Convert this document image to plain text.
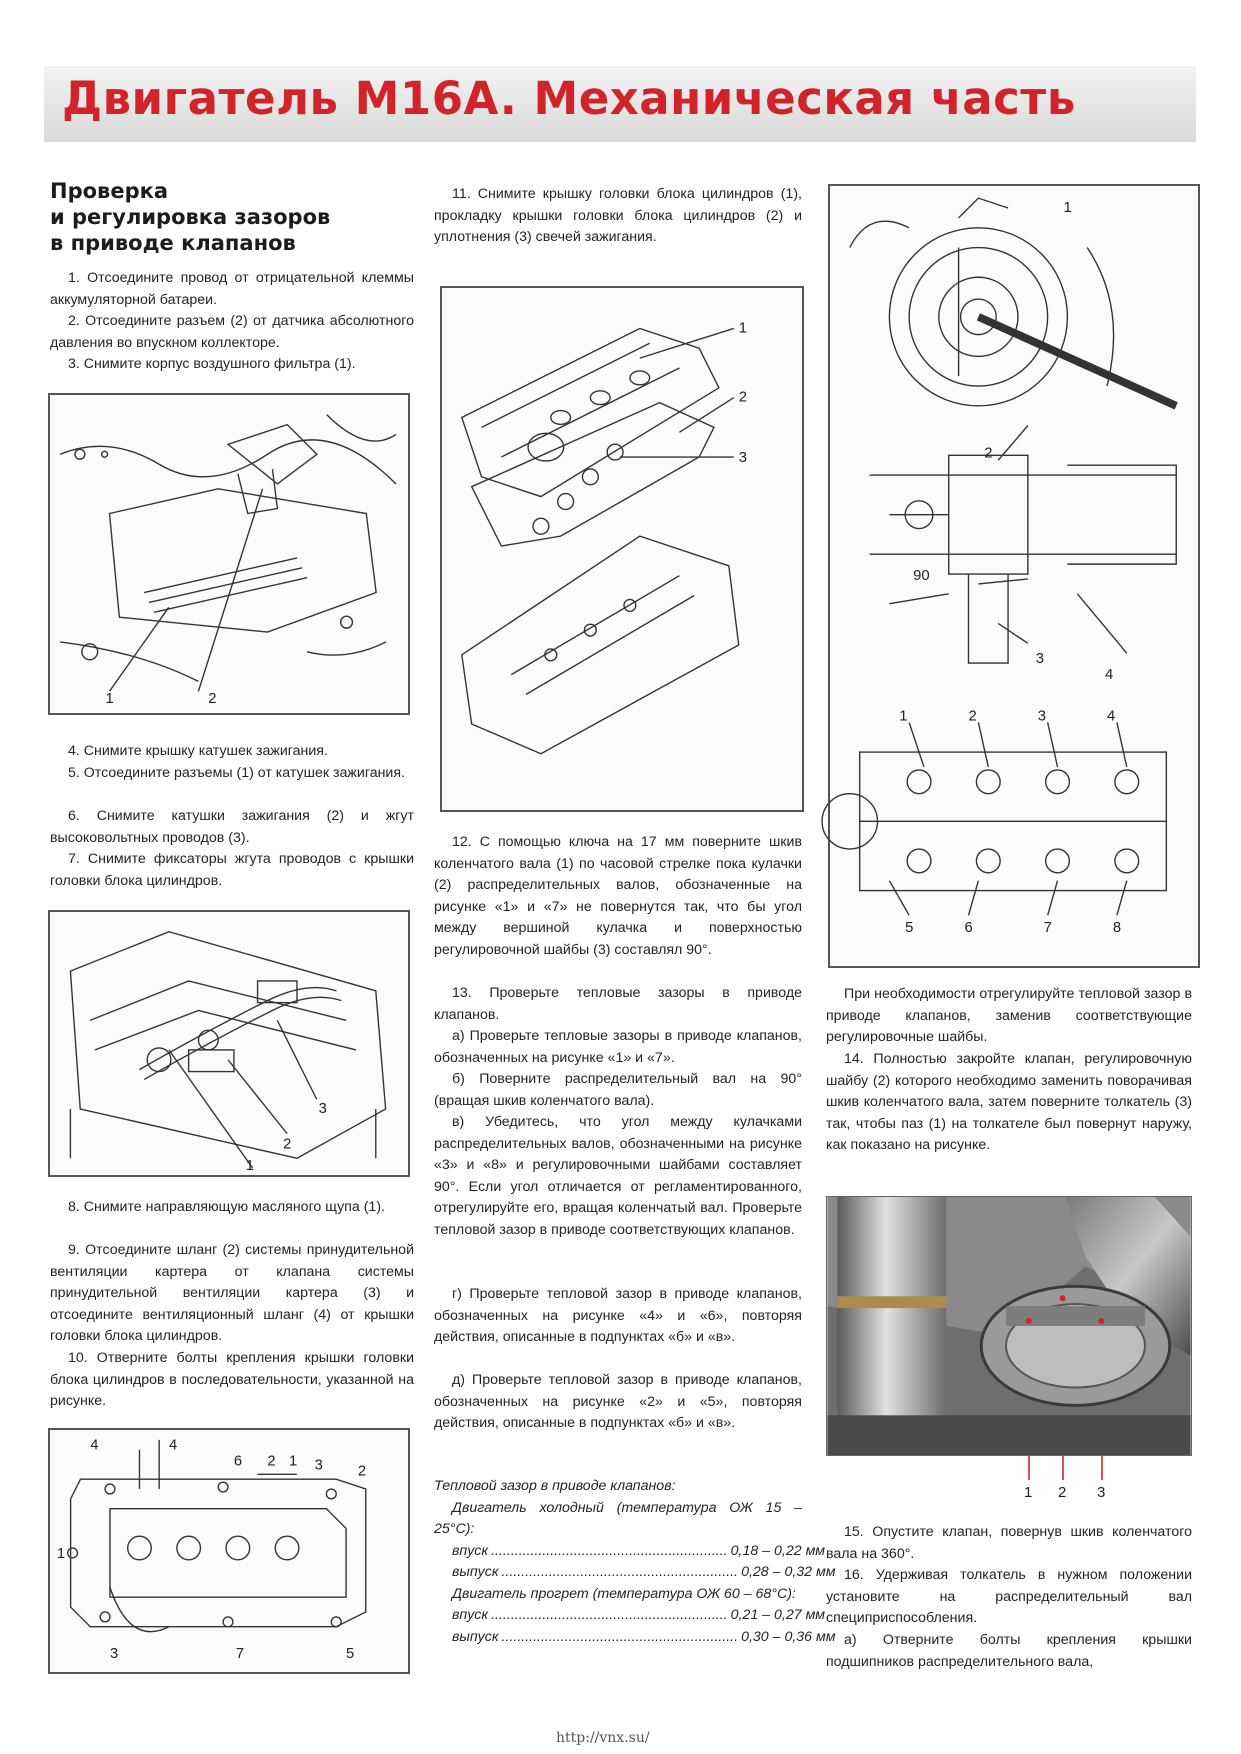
Двигатель M16A. Механическая часть
Проверка
и регулировка зазоров
в приводе клапанов

1. Отсоедините провод от отрицательной клеммы аккумуляторной батареи.

2. Отсоедините разъем (2) от датчика абсолютного давления во впускном коллекторе.

3. Снимите корпус воздушного фильтра (1).

1	2

4. Снимите крышку катушек зажигания.

5. Отсоедините разъемы (1) от катушек зажигания.

6. Снимите катушки зажигания (2) и жгут высоковольтных проводов (3).

7. Снимите фиксаторы жгута проводов с крышки головки блока цилиндров.

1
2
3

8. Снимите направляющую масляного щупа (1).

9. Отсоедините шланг (2) системы принудительной вентиляции картера от клапана системы принудительной вентиляции картера (3) и отсоедините вентиляционный шланг (4) от крышки головки блока цилиндров.

10. Отверните болты крепления крышки головки блока цилиндров в последовательности, указанной на рисунке.

4	4
6 2 1 3 2
1
3	7	5

11. Снимите крышку головки блока цилиндров (1), прокладку крышки головки блока цилиндров (2) и уплотнения (3) свечей зажигания.

1
2
3

12. С помощью ключа на 17 мм поверните шкив коленчатого вала (1) по часовой стрелке пока кулачки (2) распределительных валов, обозначенные на рисунке «1» и «7» не повернутся так, что бы угол между вершиной кулачка и поверхностью регулировочной шайбы (3) составлял 90°.

13. Проверьте тепловые зазоры в приводе клапанов.

а) Проверьте тепловые зазоры в приводе клапанов, обозначенных на рисунке «1» и «7».

б) Поверните распределительный вал на 90° (вращая шкив коленчатого вала).

в) Убедитесь, что угол между кулачками распределительных валов, обозначенными на рисунке «3» и «8» и регулировочными шайбами составляет 90°. Если угол отличается от регламентированного, отрегулируйте его, вращая коленчатый вал. Проверьте тепловой зазор в приводе соответствующих клапанов.

г) Проверьте тепловой зазор в приводе клапанов, обозначенных на рисунке «4» и «6», повторяя действия, описанные в подпунктах «б» и «в».

д) Проверьте тепловой зазор в приводе клапанов, обозначенных на рисунке «2» и «5», повторяя действия, описанные в подпунктах «б» и «в».

Тепловой зазор в приводе клапанов:

Двигатель холодный (температура ОЖ 15 – 25°С):

впуск ............................................................ 0,18 – 0,22 мм
выпуск ............................................................ 0,28 – 0,32 мм

Двигатель прогрет (температура ОЖ 60 – 68°С):

впуск ............................................................ 0,21 – 0,27 мм
выпуск ............................................................ 0,30 – 0,36 мм
1
2
90
3
4
1	2	3	4
5	6	7	8

При необходимости отрегулируйте тепловой зазор в приводе клапанов, заменив соответствующие регулировочные шайбы.

14. Полностью закройте клапан, регулировочную шайбу (2) которого необходимо заменить поворачивая шкив коленчатого вала, затем поверните толкатель (3) так, чтобы паз (1) на толкателе был повернут наружу, как показано на рисунке.

1 2 3

15. Опустите клапан, повернув шкив коленчатого вала на 360°.

16. Удерживая толкатель в нужном положении установите на распределительный вал специприспособления.

а) Отверните болты крепления крышки подшипников распределительного вала,

http://vnx.su/
